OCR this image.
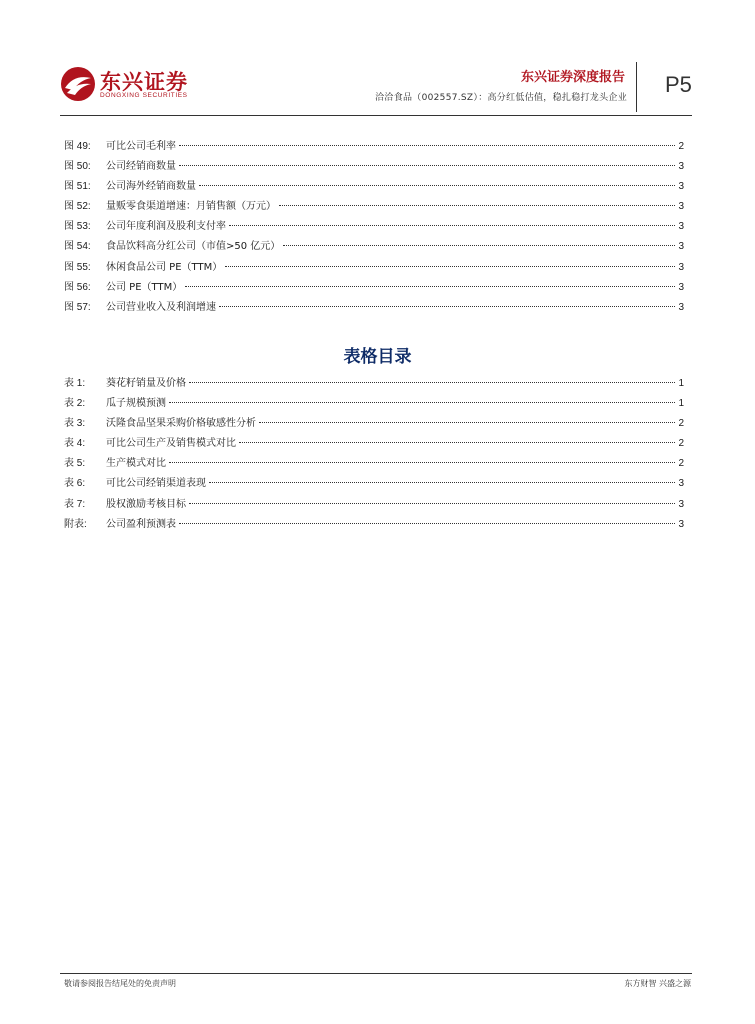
东兴证券
DONGXING SECURITIES
东兴证券深度报告
洽洽食品（002557.SZ）：高分红低估值，稳扎稳打龙头企业
P5
图 49:	可比公司毛利率	2
图 50:	公司经销商数量	3
图 51:	公司海外经销商数量	3
图 52:	量贩零食渠道增速：月销售额（万元）	3
图 53:	公司年度利润及股利支付率	3
图 54:	食品饮料高分红公司（市值>50 亿元）	3
图 55:	休闲食品公司 PE（TTM）	3
图 56:	公司 PE（TTM）	3
图 57:	公司营业收入及利润增速	3
表格目录
表 1:	葵花籽销量及价格	1
表 2:	瓜子规模预测	1
表 3:	沃隆食品坚果采购价格敏感性分析	2
表 4:	可比公司生产及销售模式对比	2
表 5:	生产模式对比	2
表 6:	可比公司经销渠道表现	3
表 7:	股权激励考核目标	3
附表:	公司盈利预测表	3
敬请参阅报告结尾处的免责声明	东方财智 兴盛之源
